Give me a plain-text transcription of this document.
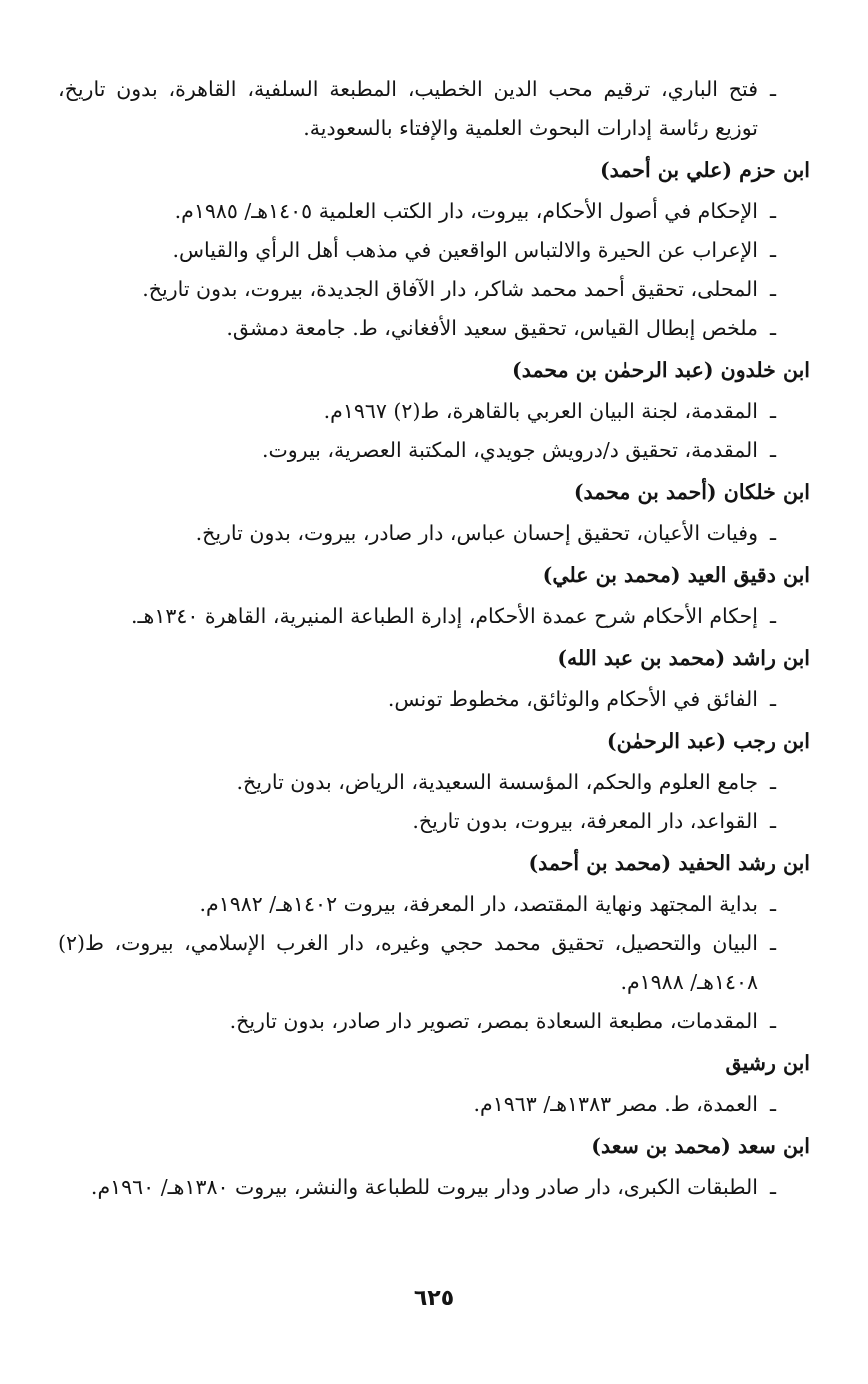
ـ
فتح الباري، ترقيم محب الدين الخطيب، المطبعة السلفية، القاهرة، بدون تاريخ، توزيع رئاسة إدارات البحوث العلمية والإفتاء بالسعودية.
ابن حزم (علي بن أحمد)
ـ
الإحكام في أصول الأحكام، بيروت، دار الكتب العلمية ١٤٠٥هـ/ ١٩٨٥م.
ـ
الإعراب عن الحيرة والالتباس الواقعين في مذهب أهل الرأي والقياس.
ـ
المحلى، تحقيق أحمد محمد شاكر، دار الآفاق الجديدة، بيروت، بدون تاريخ.
ـ
ملخص إبطال القياس، تحقيق سعيد الأفغاني، ط. جامعة دمشق.
ابن خلدون (عبد الرحمٰن بن محمد)
ـ
المقدمة، لجنة البيان العربي بالقاهرة، ط(٢) ١٩٦٧م.
ـ
المقدمة، تحقيق د/درويش جويدي، المكتبة العصرية، بيروت.
ابن خلكان (أحمد بن محمد)
ـ
وفيات الأعيان، تحقيق إحسان عباس، دار صادر، بيروت، بدون تاريخ.
ابن دقيق العيد (محمد بن علي)
ـ
إحكام الأحكام شرح عمدة الأحكام، إدارة الطباعة المنيرية، القاهرة ١٣٤٠هـ.
ابن راشد (محمد بن عبد الله)
ـ
الفائق في الأحكام والوثائق، مخطوط تونس.
ابن رجب (عبد الرحمٰن)
ـ
جامع العلوم والحكم، المؤسسة السعيدية، الرياض، بدون تاريخ.
ـ
القواعد، دار المعرفة، بيروت، بدون تاريخ.
ابن رشد الحفيد (محمد بن أحمد)
ـ
بداية المجتهد ونهاية المقتصد، دار المعرفة، بيروت ١٤٠٢هـ/ ١٩٨٢م.
ـ
البيان والتحصيل، تحقيق محمد حجي وغيره، دار الغرب الإسلامي، بيروت، ط(٢) ١٤٠٨هـ/ ١٩٨٨م.
ـ
المقدمات، مطبعة السعادة بمصر، تصوير دار صادر، بدون تاريخ.
ابن رشيق
ـ
العمدة، ط. مصر ١٣٨٣هـ/ ١٩٦٣م.
ابن سعد (محمد بن سعد)
ـ
الطبقات الكبرى، دار صادر ودار بيروت للطباعة والنشر، بيروت ١٣٨٠هـ/ ١٩٦٠م.
٦٢٥
